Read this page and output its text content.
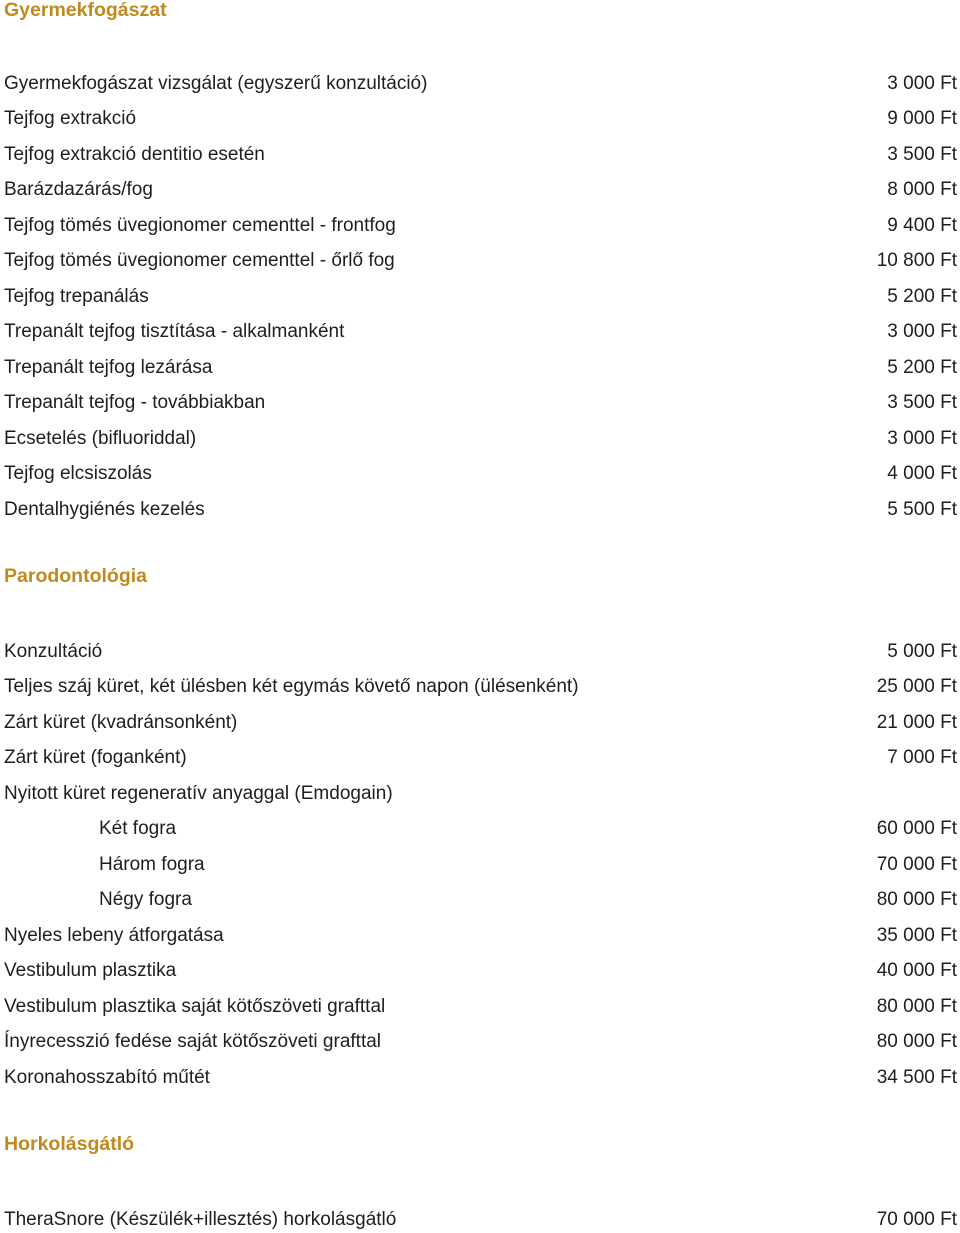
Gyermekfogászat
Gyermekfogászat vizsgálat (egyszerű konzultáció)	3 000 Ft
Tejfog extrakció	9 000 Ft
Tejfog extrakció dentitio esetén	3 500 Ft
Barázdazárás/fog	8 000 Ft
Tejfog tömés üvegionomer cementtel - frontfog	9 400 Ft
Tejfog tömés üvegionomer cementtel - őrlő fog	10 800 Ft
Tejfog trepanálás	5 200 Ft
Trepanált tejfog tisztítása - alkalmanként	3 000 Ft
Trepanált tejfog lezárása	5 200 Ft
Trepanált tejfog - továbbiakban	3 500 Ft
Ecsetelés (bifluoriddal)	3 000 Ft
Tejfog elcsiszolás	4 000 Ft
Dentalhygiénés kezelés	5 500 Ft
Parodontológia
Konzultáció	5 000 Ft
Teljes száj küret, két ülésben két egymás követő napon (ülésenként)	25 000 Ft
Zárt küret (kvadránsonként)	21 000 Ft
Zárt küret (foganként)	7 000 Ft
Nyitott küret regeneratív anyaggal (Emdogain)
Két fogra	60 000 Ft
Három fogra	70 000 Ft
Négy fogra	80 000 Ft
Nyeles lebeny átforgatása	35 000 Ft
Vestibulum plasztika	40 000 Ft
Vestibulum plasztika saját kötőszöveti grafttal	80 000 Ft
Ínyrecesszió fedése saját kötőszöveti grafttal	80 000 Ft
Koronahosszabító műtét	34 500 Ft
Horkolásgátló
TheraSnore (Készülék+illesztés) horkolásgátló	70 000 Ft
